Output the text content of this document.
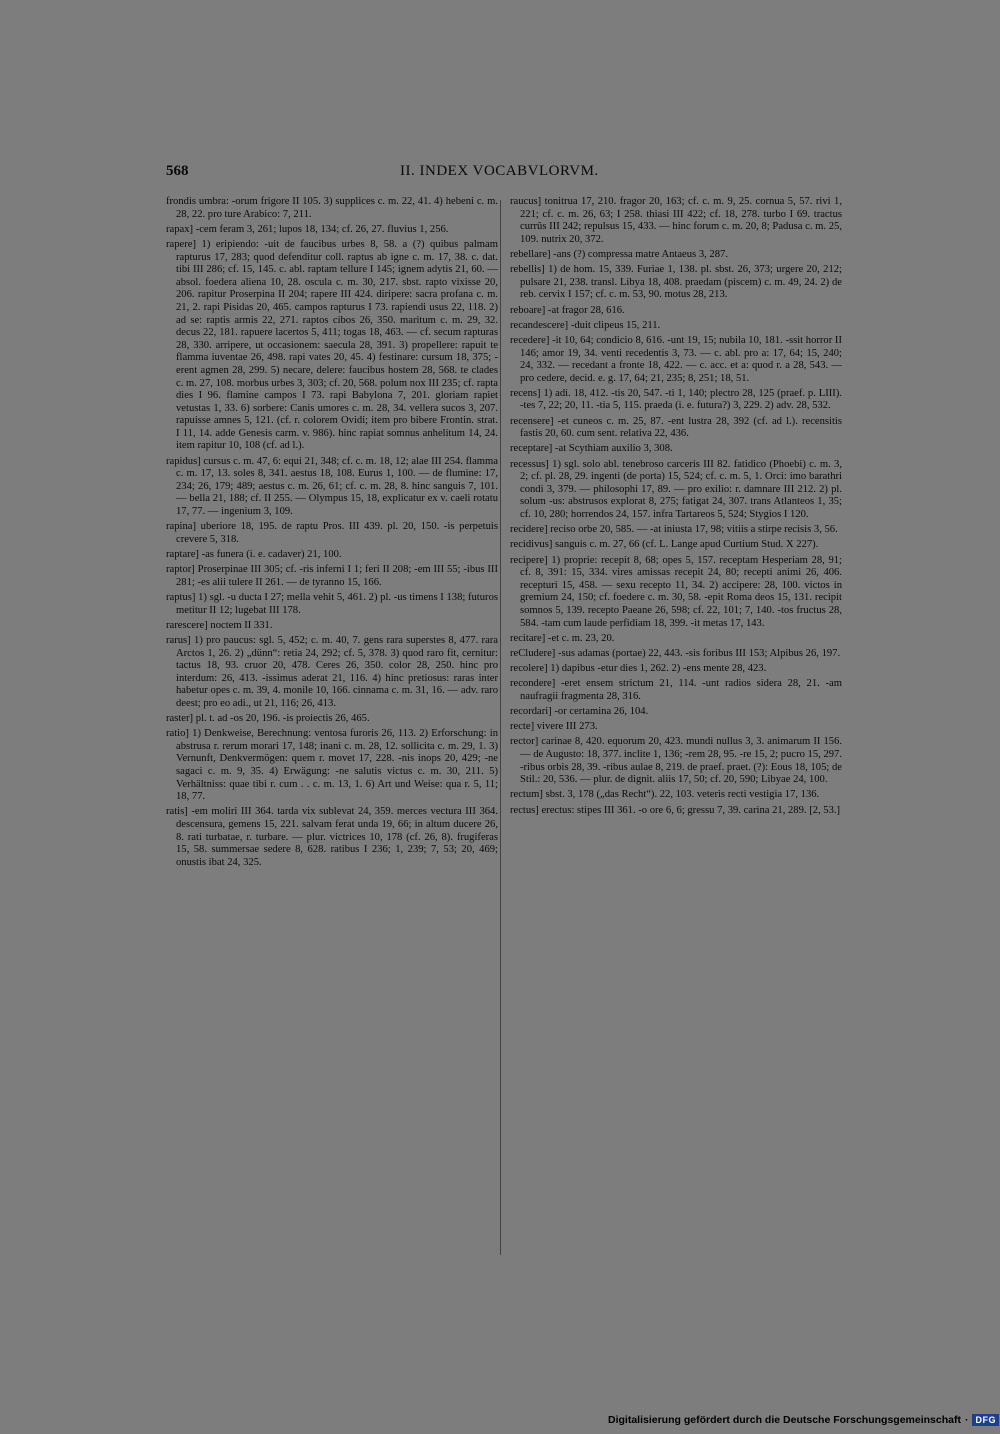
568	II. INDEX VOCABVLORVM.

frondis umbra: -orum frigore II 105. 3) supplices c. m. 22, 41. 4) hebeni c. m. 28, 22. pro ture Arabico: 7, 211.

rapax] -cem feram 3, 261; lupos 18, 134; cf. 26, 27. fluvius 1, 256.

rapere] 1) eripiendo: -uit de faucibus urbes 8, 58. a (?) quibus palmam rapturus 17, 283; quod defenditur coll. raptus ab igne c. m. 17, 38. c. dat. tibi III 286; cf. 15, 145. c. abl. raptam tellure I 145; ignem adytis 21, 60. — absol. foedera aliena 10, 28. oscula c. m. 30, 217. sbst. rapto vixisse 20, 206. rapitur Proserpina II 204; rapere III 424. diripere: sacra profana c. m. 21, 2. rapi Pisidas 20, 465. campos rapturus I 73. rapiendi usus 22, 118. 2) ad se: raptis armis 22, 271. raptos cibos 26, 350. maritum c. m. 29, 32. decus 22, 181. rapuere lacertos 5, 411; togas 18, 463. — cf. secum rapturas 28, 330. arripere, ut occasionem: saecula 28, 391. 3) propellere: rapuit te flamma iuventae 26, 498. rapi vates 20, 45. 4) festinare: cursum 18, 375; -erent agmen 28, 299. 5) necare, delere: faucibus hostem 28, 568. te clades c. m. 27, 108. morbus urbes 3, 303; cf. 20, 568. polum nox III 235; cf. rapta dies I 96. flamine campos I 73. rapi Babylona 7, 201. gloriam rapiet vetustas 1, 33. 6) sorbere: Canis umores c. m. 28, 34. vellera sucos 3, 207. rapuisse amnes 5, 121. (cf. r. colorem Ovidi; item pro bibere Frontin. strat. I 11, 14. adde Genesis carm. v. 986). hinc rapiat somnus anhelitum 14, 24. item rapitur 10, 108 (cf. ad l.).

rapidus] cursus c. m. 47, 6: equi 21, 348; cf. c. m. 18, 12; alae III 254. flamma c. m. 17, 13. soles 8, 341. aestus 18, 108. Eurus 1, 100. — de flumine: 17, 234; 26, 179; 489; aestus c. m. 26, 61; cf. c. m. 28, 8. hinc sanguis 7, 101. — bella 21, 188; cf. II 255. — Olympus 15, 18, explicatur ex v. caeli rotatu 17, 77. — ingenium 3, 109.

rapina] uberiore 18, 195. de raptu Pros. III 439. pl. 20, 150. -is perpetuis crevere 5, 318.

raptare] -as funera (i. e. cadaver) 21, 100.

raptor] Proserpinae III 305; cf. -ris inferni I 1; feri II 208; -em III 55; -ibus III 281; -es alii tulere II 261. — de tyranno 15, 166.

raptus] 1) sgl. -u ducta I 27; mella vehit 5, 461. 2) pl. -us timens I 138; futuros metitur II 12; lugebat III 178.

rarescere] noctem II 331.

rarus] 1) pro paucus: sgl. 5, 452; c. m. 40, 7. gens rara superstes 8, 477. rara Arctos 1, 26. 2) „dünn“: retia 24, 292; cf. 5, 378. 3) quod raro fit, cernitur: tactus 18, 93. cruor 20, 478. Ceres 26, 350. color 28, 250. hinc pro interdum: 26, 413. -issimus aderat 21, 116. 4) hinc pretiosus: raras inter habetur opes c. m. 39, 4. monile 10, 166. cinnama c. m. 31, 16. — adv. raro deest; pro eo adi., ut 21, 116; 26, 413.

raster] pl. t. ad -os 20, 196. -is proiectis 26, 465.

ratio] 1) Denkweise, Berechnung: ventosa furoris 26, 113. 2) Erforschung: in abstrusa r. rerum morari 17, 148; inani c. m. 28, 12. sollicita c. m. 29, 1. 3) Vernunft, Denkvermögen: quem r. movet 17, 228. -nis inops 20, 429; -ne sagaci c. m. 9, 35. 4) Erwägung: -ne salutis victus c. m. 30, 211. 5) Verhältniss: quae tibi r. cum . . c. m. 13, 1. 6) Art und Weise: qua r. 5, 11; 18, 77.

ratis] -em moliri III 364. tarda vix sublevat 24, 359. merces vectura III 364. descensura, gemens 15, 221. salvam ferat unda 19, 66; in altum ducere 26, 8. rati turbatae, r. turbare. — plur. victrices 10, 178 (cf. 26, 8). frugiferas 15, 58. summersae sedere 8, 628. ratibus I 236; 1, 239; 7, 53; 20, 469; onustis ibat 24, 325.

raucus] tonitrua 17, 210. fragor 20, 163; cf. c. m. 9, 25. cornua 5, 57. rivi 1, 221; cf. c. m. 26, 63; I 258. thiasi III 422; cf. 18, 278. turbo I 69. tractus currûs III 242; repulsus 15, 433. — hinc forum c. m. 20, 8; Padusa c. m. 25, 109. nutrix 20, 372.

rebellare] -ans (?) compressa matre Antaeus 3, 287.

rebellis] 1) de hom. 15, 339. Furiae 1, 138. pl. sbst. 26, 373; urgere 20, 212; pulsare 21, 238. transl. Libya 18, 408. praedam (piscem) c. m. 49, 24. 2) de reb. cervix I 157; cf. c. m. 53, 90. motus 28, 213.

reboare] -at fragor 28, 616.

recandescere] -duit clipeus 15, 211.

recedere] -it 10, 64; condicio 8, 616. -unt 19, 15; nubila 10, 181. -ssit horror II 146; amor 19, 34. venti recedentis 3, 73. — c. abl. pro a: 17, 64; 15, 240; 24, 332. — recedant a fronte 18, 422. — c. acc. et a: quod r. a 28, 543. — pro cedere, decid. e. g. 17, 64; 21, 235; 8, 251; 18, 51.

recens] 1) adi. 18, 412. -tis 20, 547. -ti 1, 140; plectro 28, 125 (praef. p. LIII). -tes 7, 22; 20, 11. -tia 5, 115. praeda (i. e. futura?) 3, 229. 2) adv. 28, 532.

recensere] -et cuneos c. m. 25, 87. -ent lustra 28, 392 (cf. ad l.). recensitis fastis 20, 60. cum sent. relativa 22, 436.

receptare] -at Scythiam auxilio 3, 308.

recessus] 1) sgl. solo abl. tenebroso carceris III 82. fatidico (Phoebi) c. m. 3, 2; cf. pl. 28, 29. ingenti (de porta) 15, 524; cf. c. m. 5, 1. Orci: imo barathri condi 3, 379. — philosophi 17, 89. — pro exilio: r. damnare III 212. 2) pl. solum -us: abstrusos explorat 8, 275; fatigat 24, 307. trans Atlanteos 1, 35; cf. 10, 280; horrendos 24, 157. infra Tartareos 5, 524; Stygios I 120.

recidere] reciso orbe 20, 585. — -at iniusta 17, 98; vitiis a stirpe recisis 3, 56.

recidivus] sanguis c. m. 27, 66 (cf. L. Lange apud Curtium Stud. X 227).

recipere] 1) proprie: recepit 8, 68; opes 5, 157. receptam Hesperiam 28, 91; cf. 8, 391: 15, 334. vires amissas recepit 24, 80; recepti animi 26, 406. recepturi 15, 458. — sexu recepto 11, 34. 2) accipere: 28, 100. victos in gremium 24, 150; cf. foedere c. m. 30, 58. -epit Roma deos 15, 131. recipit somnos 5, 139. recepto Paeane 26, 598; cf. 22, 101; 7, 140. -tos fructus 28, 584. -tam cum laude perfidiam 18, 399. -it metas 17, 143.

recitare] -et c. m. 23, 20.

reCludere] -sus adamas (portae) 22, 443. -sis foribus III 153; Alpibus 26, 197.

recolere] 1) dapibus -etur dies 1, 262. 2) -ens mente 28, 423.

recondere] -eret ensem strictum 21, 114. -unt radios sidera 28, 21. -am naufragii fragmenta 28, 316.

recordari] -or certamina 26, 104.

recte] vivere III 273.

rector] carinae 8, 420. equorum 20, 423. mundi nullus 3, 3. animarum II 156. — de Augusto: 18, 377. inclite 1, 136; -rem 28, 95. -re 15, 2; pucro 15, 297. -ribus orbis 28, 39. -ribus aulae 8, 219. de praef. praet. (?): Eous 18, 105; de Stil.: 20, 536. — plur. de dignit. aliis 17, 50; cf. 20, 590; Libyae 24, 100.

rectum] sbst. 3, 178 („das Recht“). 22, 103. veteris recti vestigia 17, 136.

rectus] erectus: stipes III 361. -o ore 6, 6; gressu 7, 39. carina 21, 289. [2, 53.]

Digitalisierung gefördert durch die Deutsche Forschungsgemeinschaft · DFG
